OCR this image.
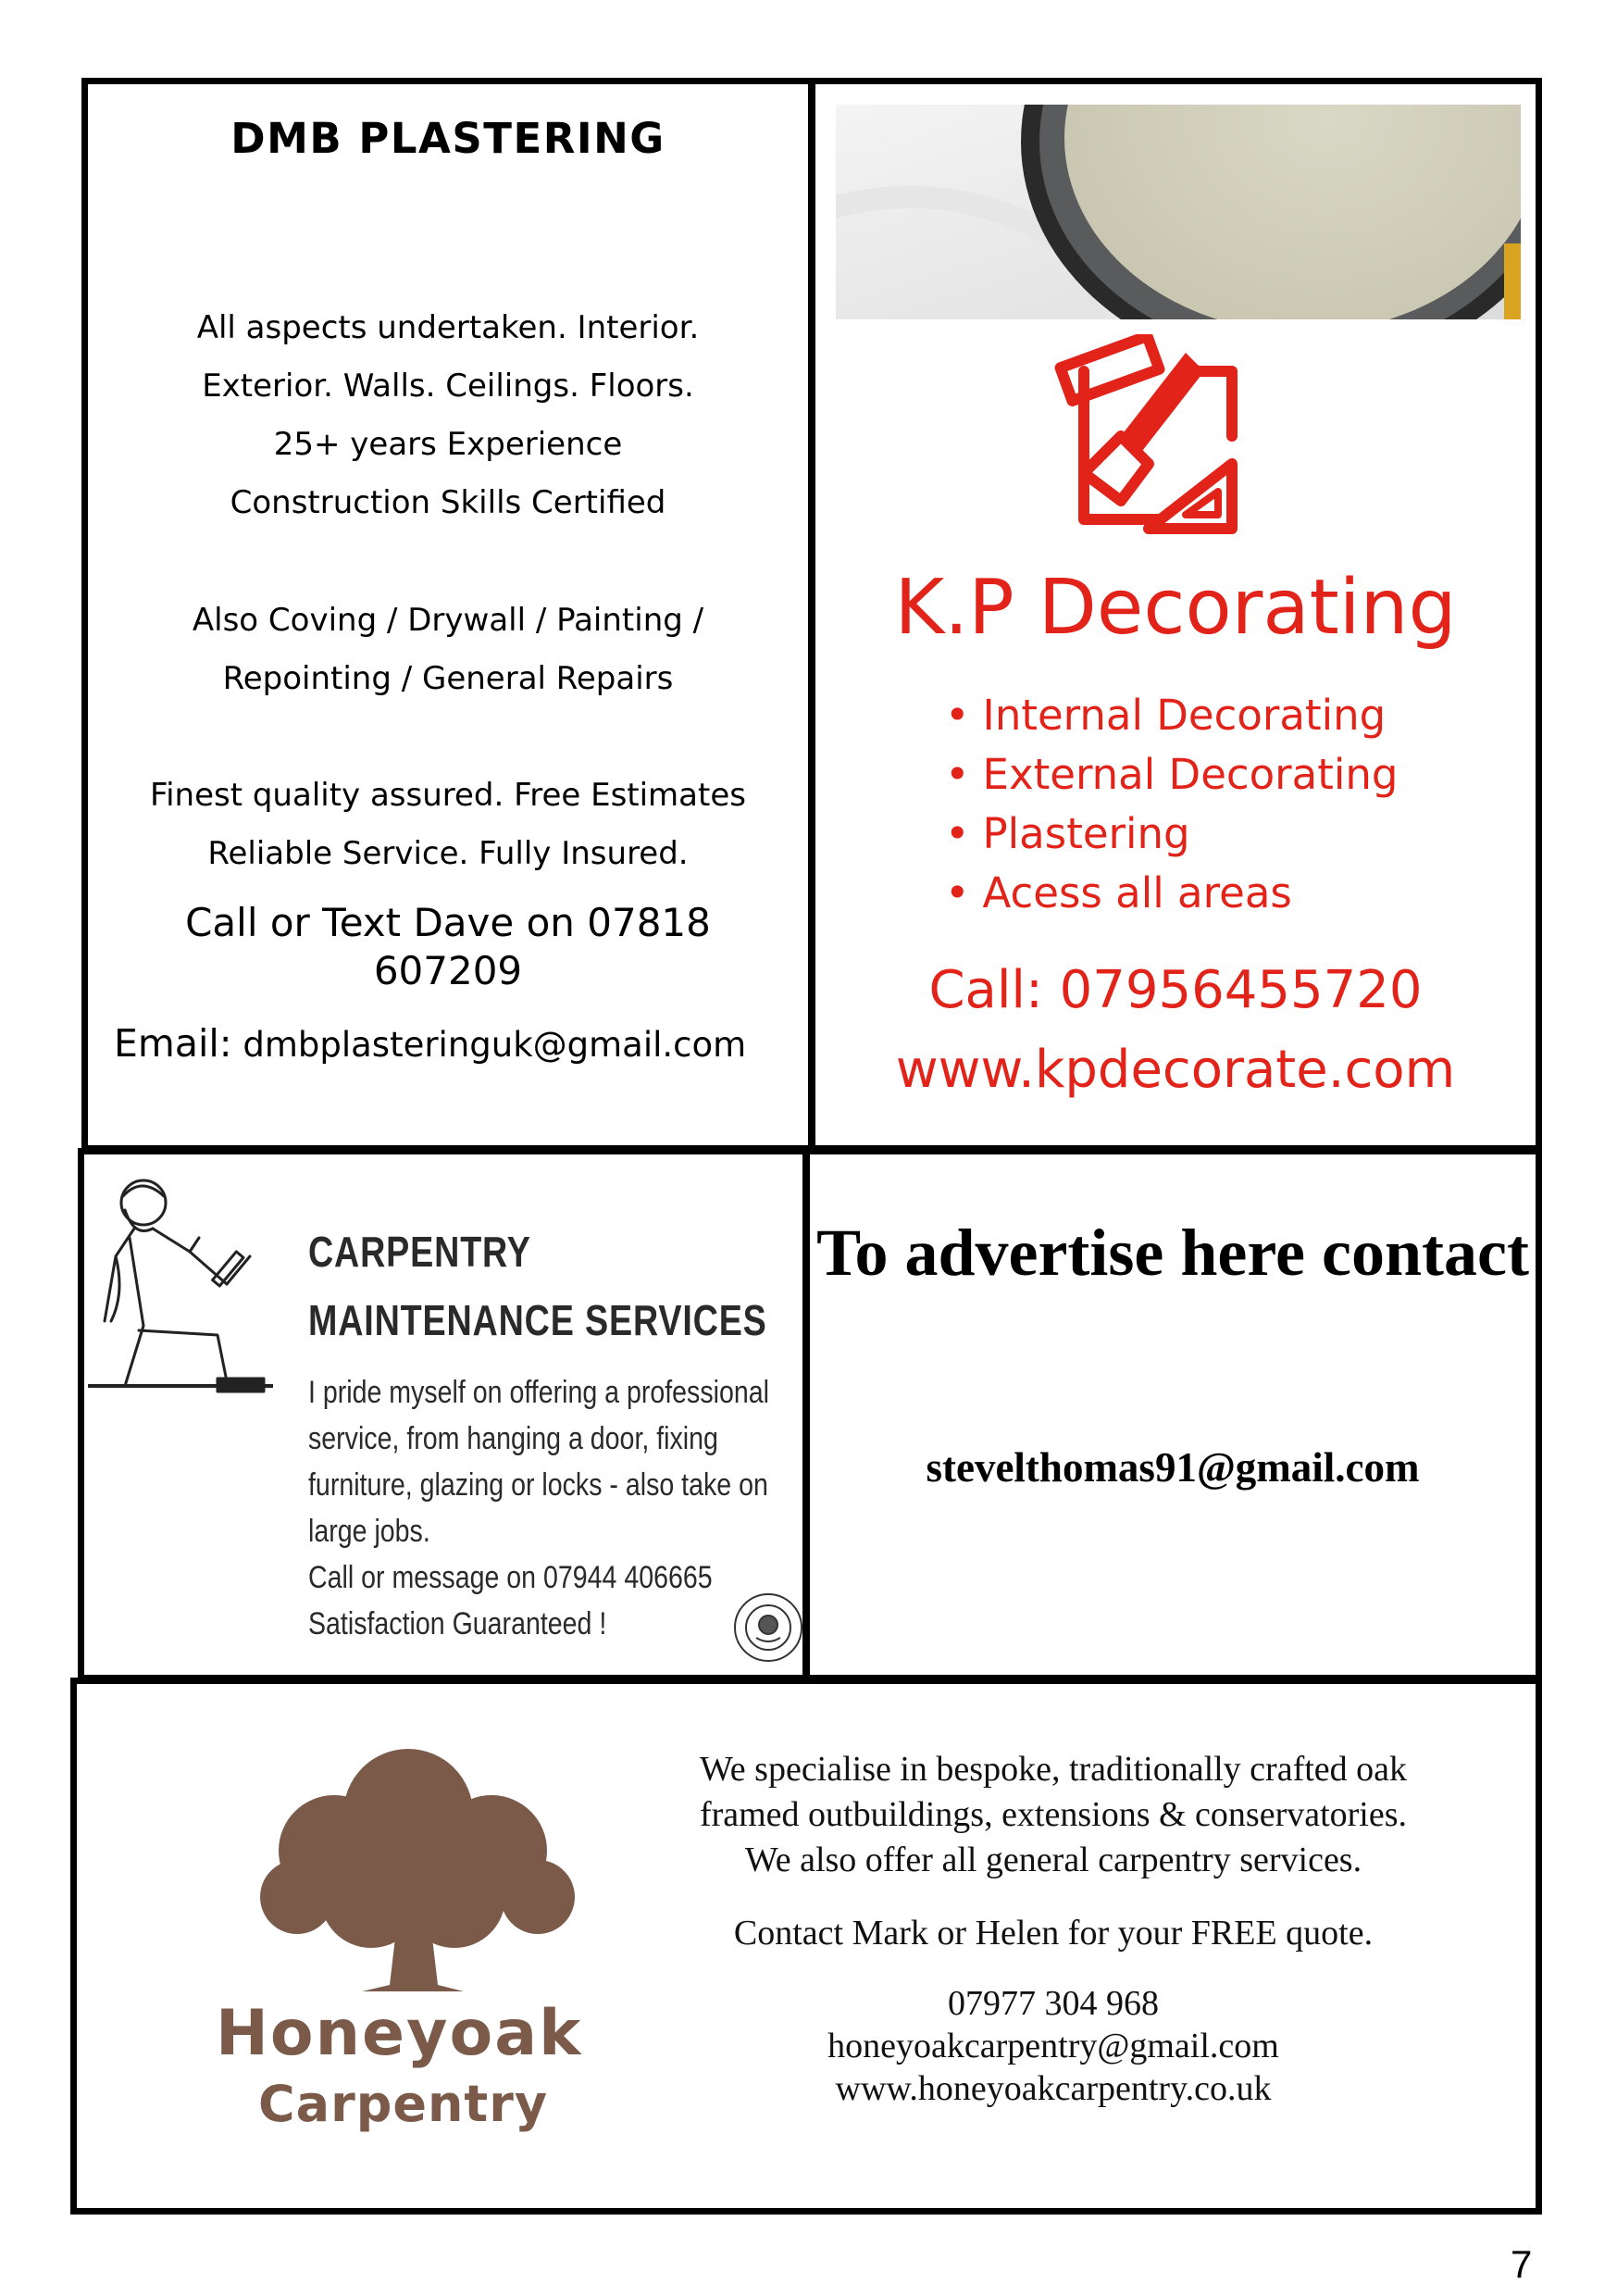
DMB PLASTERING
All aspects undertaken. Interior.
Exterior. Walls. Ceilings. Floors.
25+ years Experience
Construction Skills Certified
Also Coving / Drywall / Painting /
Repointing / General Repairs
Finest quality assured. Free Estimates
Reliable Service. Fully Insured.
Call or Text Dave on 07818 607209
Email: dmbplasteringuk@gmail.com
K.P Decorating
• Internal Decorating
• External Decorating
• Plastering
• Acess all areas
Call: 07956455720
www.kpdecorate.com
CARPENTRY
MAINTENANCE SERVICES
I pride myself on offering a professional
service, from hanging a door, fixing
furniture, glazing or locks - also take on
large jobs.
Call or message on 07944 406665
Satisfaction Guaranteed !
To advertise here contact
stevelthomas91@gmail.com
Honeyoak
Carpentry
We specialise in bespoke, traditionally crafted oak
framed outbuildings, extensions & conservatories.
We also offer all general carpentry services.
Contact Mark or Helen for your FREE quote.
07977 304 968
honeyoakcarpentry@gmail.com
www.honeyoakcarpentry.co.uk
7
